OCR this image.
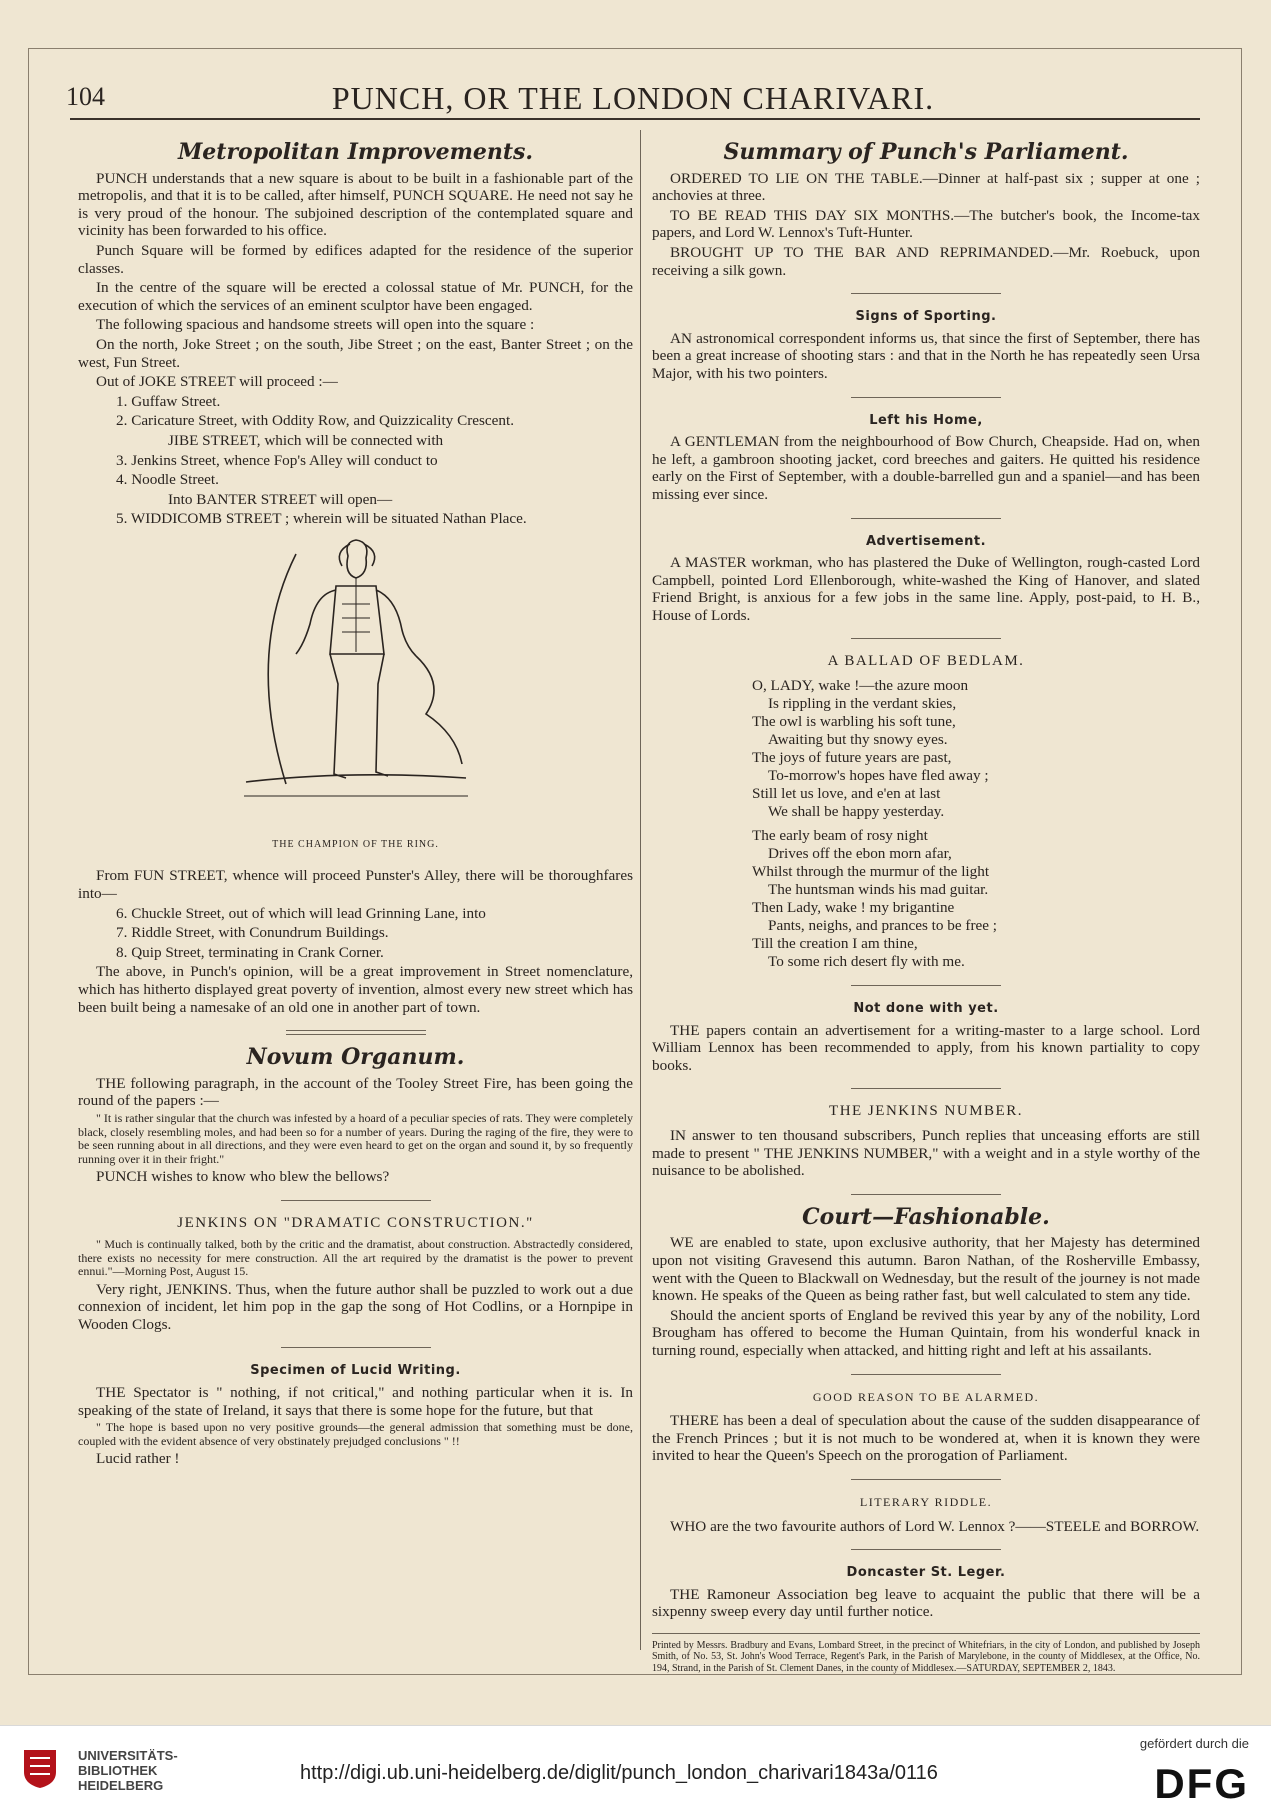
104	PUNCH, OR THE LONDON CHARIVARI.
Metropolitan Improvements.

PUNCH understands that a new square is about to be built in a fashionable part of the metropolis, and that it is to be called, after himself, PUNCH SQUARE. He need not say he is very proud of the honour. The subjoined description of the contemplated square and vicinity has been forwarded to his office.

Punch Square will be formed by edifices adapted for the residence of the superior classes.

In the centre of the square will be erected a colossal statue of Mr. PUNCH, for the execution of which the services of an eminent sculptor have been engaged.

The following spacious and handsome streets will open into the square :

On the north, Joke Street ; on the south, Jibe Street ; on the east, Banter Street ; on the west, Fun Street.

Out of JOKE STREET will proceed :—

1. Guffaw Street.

2. Caricature Street, with Oddity Row, and Quizzicality Crescent.

JIBE STREET, which will be connected with

3. Jenkins Street, whence Fop's Alley will conduct to

4. Noodle Street.

Into BANTER STREET will open—

5. WIDDICOMB STREET ; wherein will be situated Nathan Place.

THE CHAMPION OF THE RING.

From FUN STREET, whence will proceed Punster's Alley, there will be thoroughfares into—

6. Chuckle Street, out of which will lead Grinning Lane, into

7. Riddle Street, with Conundrum Buildings.

8. Quip Street, terminating in Crank Corner.

The above, in Punch's opinion, will be a great improvement in Street nomenclature, which has hitherto displayed great poverty of invention, almost every new street which has been built being a namesake of an old one in another part of town.

Novum Organum.

THE following paragraph, in the account of the Tooley Street Fire, has been going the round of the papers :—

" It is rather singular that the church was infested by a hoard of a peculiar species of rats. They were completely black, closely resembling moles, and had been so for a number of years. During the raging of the fire, they were to be seen running about in all directions, and they were even heard to get on the organ and sound it, by so frequently running over it in their fright."

PUNCH wishes to know who blew the bellows?

JENKINS ON "DRAMATIC CONSTRUCTION."

" Much is continually talked, both by the critic and the dramatist, about construction. Abstractedly considered, there exists no necessity for mere construction. All the art required by the dramatist is the power to prevent ennui."—Morning Post, August 15.

Very right, JENKINS. Thus, when the future author shall be puzzled to work out a due connexion of incident, let him pop in the gap the song of Hot Codlins, or a Hornpipe in Wooden Clogs.

Specimen of Lucid Writing.

THE Spectator is " nothing, if not critical," and nothing particular when it is. In speaking of the state of Ireland, it says that there is some hope for the future, but that

" The hope is based upon no very positive grounds—the general admission that something must be done, coupled with the evident absence of very obstinately prejudged conclusions " !!

Lucid rather !

Summary of Punch's Parliament.

ORDERED TO LIE ON THE TABLE.—Dinner at half-past six ; supper at one ; anchovies at three.

TO BE READ THIS DAY SIX MONTHS.—The butcher's book, the Income-tax papers, and Lord W. Lennox's Tuft-Hunter.

BROUGHT UP TO THE BAR AND REPRIMANDED.—Mr. Roebuck, upon receiving a silk gown.

Signs of Sporting.

AN astronomical correspondent informs us, that since the first of September, there has been a great increase of shooting stars : and that in the North he has repeatedly seen Ursa Major, with his two pointers.

Left his Home,

A GENTLEMAN from the neighbourhood of Bow Church, Cheapside. Had on, when he left, a gambroon shooting jacket, cord breeches and gaiters. He quitted his residence early on the First of September, with a double-barrelled gun and a spaniel—and has been missing ever since.

Advertisement.

A MASTER workman, who has plastered the Duke of Wellington, rough-casted Lord Campbell, pointed Lord Ellenborough, white-washed the King of Hanover, and slated Friend Bright, is anxious for a few jobs in the same line. Apply, post-paid, to H. B., House of Lords.

A BALLAD OF BEDLAM.
O, LADY, wake !—the azure moon
Is rippling in the verdant skies,
The owl is warbling his soft tune,
Awaiting but thy snowy eyes.
The joys of future years are past,
To-morrow's hopes have fled away ;
Still let us love, and e'en at last
We shall be happy yesterday.
The early beam of rosy night
Drives off the ebon morn afar,
Whilst through the murmur of the light
The huntsman winds his mad guitar.
Then Lady, wake ! my brigantine
Pants, neighs, and prances to be free ;
Till the creation I am thine,
To some rich desert fly with me.
Not done with yet.

THE papers contain an advertisement for a writing-master to a large school. Lord William Lennox has been recommended to apply, from his known partiality to copy books.

THE JENKINS NUMBER.

IN answer to ten thousand subscribers, Punch replies that unceasing efforts are still made to present " THE JENKINS NUMBER," with a weight and in a style worthy of the nuisance to be abolished.

Court—Fashionable.

WE are enabled to state, upon exclusive authority, that her Majesty has determined upon not visiting Gravesend this autumn. Baron Nathan, of the Rosherville Embassy, went with the Queen to Blackwall on Wednesday, but the result of the journey is not made known. He speaks of the Queen as being rather fast, but well calculated to stem any tide.

Should the ancient sports of England be revived this year by any of the nobility, Lord Brougham has offered to become the Human Quintain, from his wonderful knack in turning round, especially when attacked, and hitting right and left at his assailants.

GOOD REASON TO BE ALARMED.

THERE has been a deal of speculation about the cause of the sudden disappearance of the French Princes ; but it is not much to be wondered at, when it is known they were invited to hear the Queen's Speech on the prorogation of Parliament.

LITERARY RIDDLE.

WHO are the two favourite authors of Lord W. Lennox ?——STEELE and BORROW.

Doncaster St. Leger.

THE Ramoneur Association beg leave to acquaint the public that there will be a sixpenny sweep every day until further notice.

Printed by Messrs. Bradbury and Evans, Lombard Street, in the precinct of Whitefriars, in the city of London, and published by Joseph Smith, of No. 53, St. John's Wood Terrace, Regent's Park, in the Parish of Marylebone, in the county of Middlesex, at the Office, No. 194, Strand, in the Parish of St. Clement Danes, in the county of Middlesex.—SATURDAY, SEPTEMBER 2, 1843.

UNIVERSITÄTS-
BIBLIOTHEK
HEIDELBERG
http://digi.ub.uni-heidelberg.de/diglit/punch_london_charivari1843a/0116
gefördert durch die
DFG
